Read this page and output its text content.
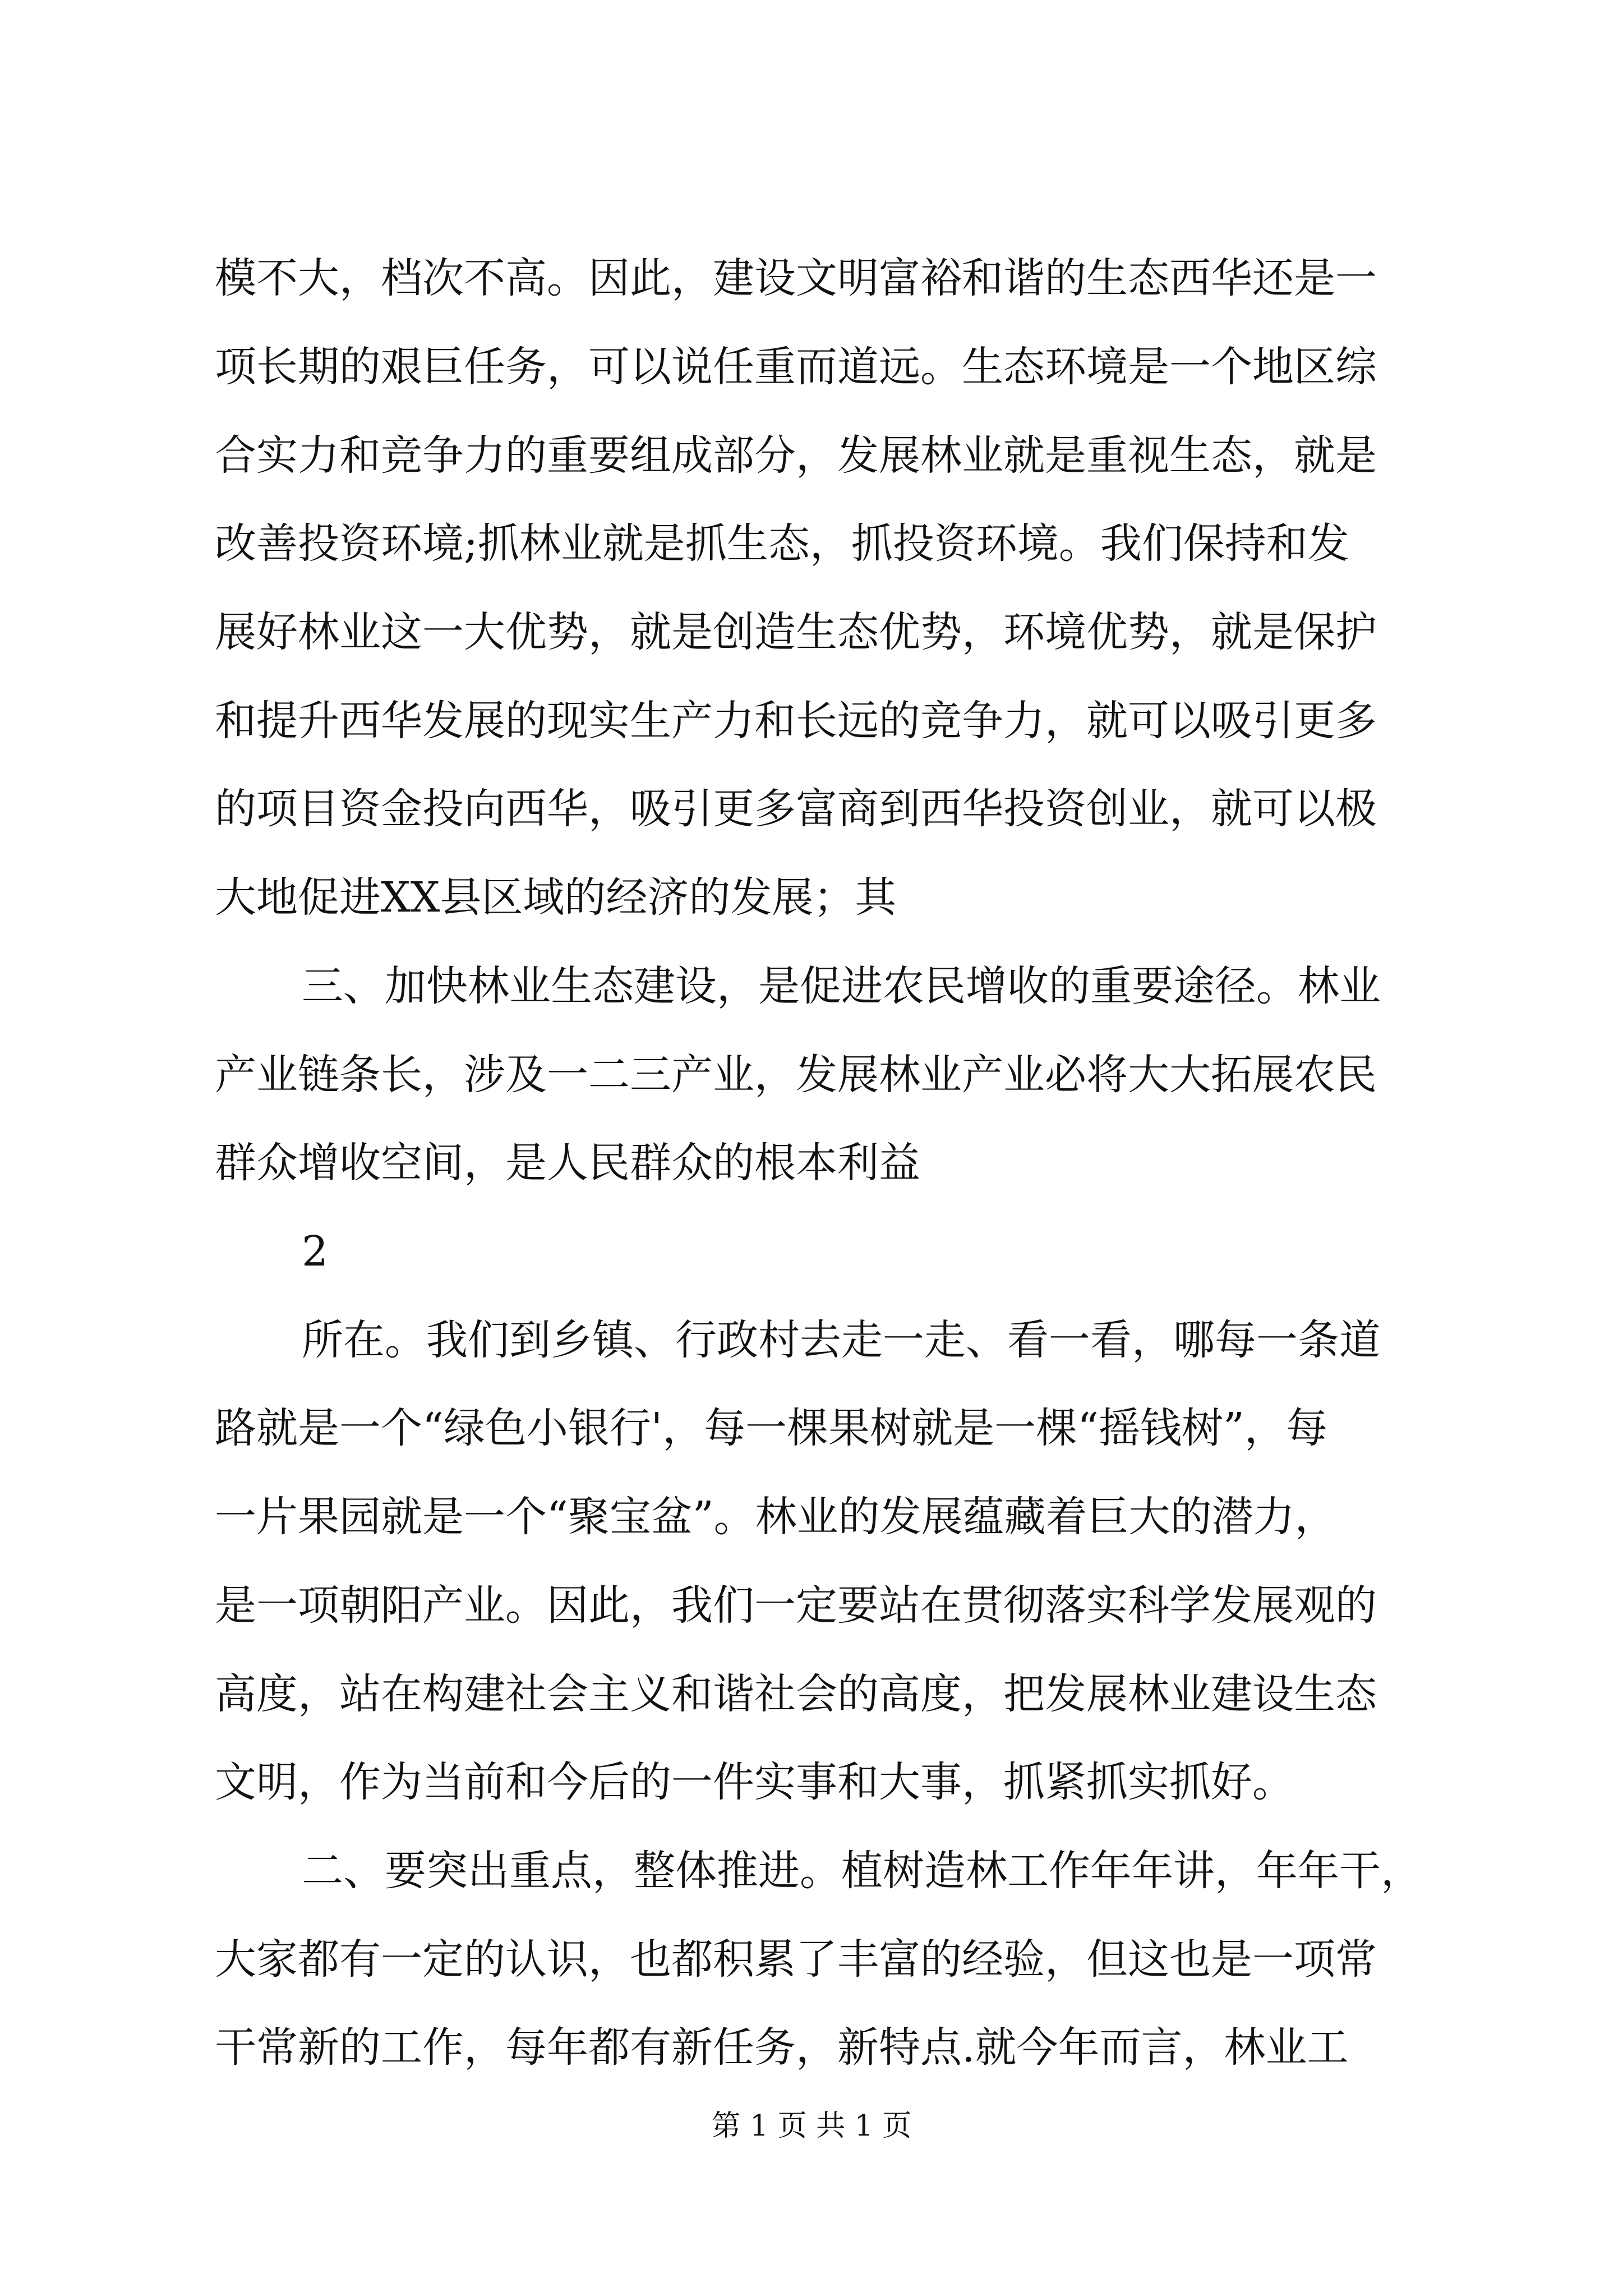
模不大，档次不高。因此，建设文明富裕和谐的生态西华还是一
项长期的艰巨任务，可以说任重而道远。生态环境是一个地区综
合实力和竞争力的重要组成部分，发展林业就是重视生态，就是
改善投资环境;抓林业就是抓生态，抓投资环境。我们保持和发
展好林业这一大优势，就是创造生态优势，环境优势，就是保护
和提升西华发展的现实生产力和长远的竞争力，就可以吸引更多
的项目资金投向西华，吸引更多富商到西华投资创业，就可以极
大地促进XX县区域的经济的发展；其
三、加快林业生态建设，是促进农民增收的重要途径。林业
产业链条长，涉及一二三产业，发展林业产业必将大大拓展农民
群众增收空间，是人民群众的根本利益
2
所在。我们到乡镇、行政村去走一走、看一看，哪每一条道
路就是一个“绿色小银行'，每一棵果树就是一棵“摇钱树”，每
一片果园就是一个“聚宝盆”。林业的发展蕴藏着巨大的潜力，
是一项朝阳产业。因此，我们一定要站在贯彻落实科学发展观的
高度，站在构建社会主义和谐社会的高度，把发展林业建设生态
文明，作为当前和今后的一件实事和大事，抓紧抓实抓好。
二、要突出重点，整体推进。植树造林工作年年讲，年年干，
大家都有一定的认识，也都积累了丰富的经验，但这也是一项常
干常新的工作，每年都有新任务，新特点.就今年而言，林业工
第 1 页 共 1 页
